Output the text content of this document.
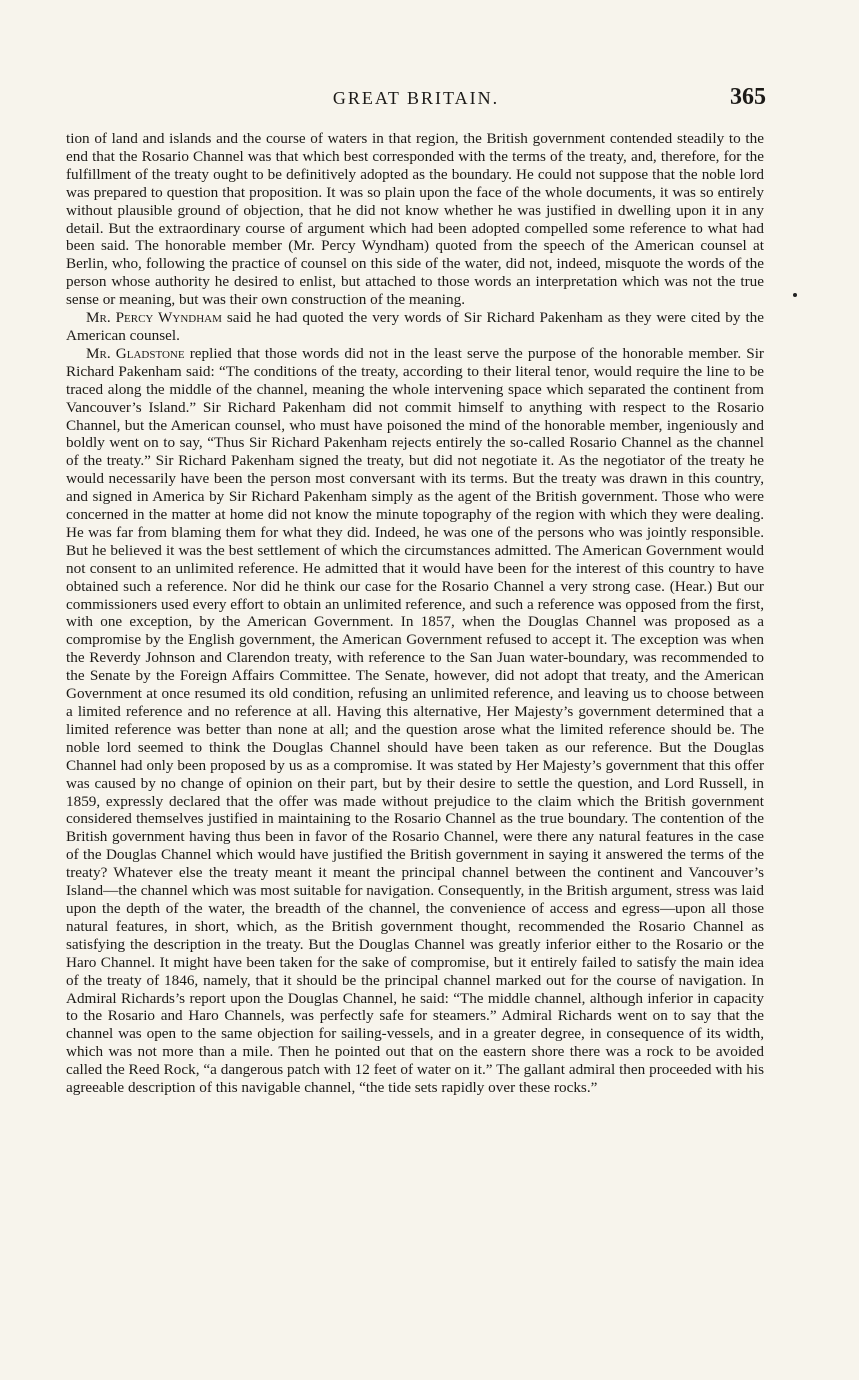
GREAT BRITAIN.	365

tion of land and islands and the course of waters in that region, the British government contended steadily to the end that the Rosario Channel was that which best corresponded with the terms of the treaty, and, therefore, for the fulfillment of the treaty ought to be definitively adopted as the boundary. He could not suppose that the noble lord was prepared to question that proposition. It was so plain upon the face of the whole documents, it was so entirely without plausible ground of objection, that he did not know whether he was justified in dwelling upon it in any detail. But the extraordinary course of argument which had been adopted compelled some reference to what had been said. The honorable member (Mr. Percy Wyndham) quoted from the speech of the American counsel at Berlin, who, following the practice of counsel on this side of the water, did not, indeed, misquote the words of the person whose authority he desired to enlist, but attached to those words an interpretation which was not the true sense or meaning, but was their own construction of the meaning.

Mr. Percy Wyndham said he had quoted the very words of Sir Richard Pakenham as they were cited by the American counsel.

Mr. Gladstone replied that those words did not in the least serve the purpose of the honorable member. Sir Richard Pakenham said: “The conditions of the treaty, according to their literal tenor, would require the line to be traced along the middle of the channel, meaning the whole intervening space which separated the continent from Vancouver’s Island.” Sir Richard Pakenham did not commit himself to anything with respect to the Rosario Channel, but the American counsel, who must have poisoned the mind of the honorable member, ingeniously and boldly went on to say, “Thus Sir Richard Pakenham rejects entirely the so-called Rosario Channel as the channel of the treaty.” Sir Richard Pakenham signed the treaty, but did not negotiate it. As the negotiator of the treaty he would necessarily have been the person most conversant with its terms. But the treaty was drawn in this country, and signed in America by Sir Richard Pakenham simply as the agent of the British government. Those who were concerned in the matter at home did not know the minute topography of the region with which they were dealing. He was far from blaming them for what they did. Indeed, he was one of the persons who was jointly responsible. But he believed it was the best settlement of which the circumstances admitted. The American Government would not consent to an unlimited reference. He admitted that it would have been for the interest of this country to have obtained such a reference. Nor did he think our case for the Rosario Channel a very strong case. (Hear.) But our commissioners used every effort to obtain an unlimited reference, and such a reference was opposed from the first, with one exception, by the American Government. In 1857, when the Douglas Channel was proposed as a compromise by the English government, the American Government refused to accept it. The exception was when the Reverdy Johnson and Clarendon treaty, with reference to the San Juan water-boundary, was recommended to the Senate by the Foreign Affairs Committee. The Senate, however, did not adopt that treaty, and the American Government at once resumed its old condition, refusing an unlimited reference, and leaving us to choose between a limited reference and no reference at all. Having this alternative, Her Majesty’s government determined that a limited reference was better than none at all; and the question arose what the limited reference should be. The noble lord seemed to think the Douglas Channel should have been taken as our reference. But the Douglas Channel had only been proposed by us as a compromise. It was stated by Her Majesty’s government that this offer was caused by no change of opinion on their part, but by their desire to settle the question, and Lord Russell, in 1859, expressly declared that the offer was made without prejudice to the claim which the British government considered themselves justified in maintaining to the Rosario Channel as the true boundary. The contention of the British government having thus been in favor of the Rosario Channel, were there any natural features in the case of the Douglas Channel which would have justified the British government in saying it answered the terms of the treaty? Whatever else the treaty meant it meant the principal channel between the continent and Vancouver’s Island—the channel which was most suitable for navigation. Consequently, in the British argument, stress was laid upon the depth of the water, the breadth of the channel, the convenience of access and egress—upon all those natural features, in short, which, as the British government thought, recommended the Rosario Channel as satisfying the description in the treaty. But the Douglas Channel was greatly inferior either to the Rosario or the Haro Channel. It might have been taken for the sake of compromise, but it entirely failed to satisfy the main idea of the treaty of 1846, namely, that it should be the principal channel marked out for the course of navigation. In Admiral Richards’s report upon the Douglas Channel, he said: “The middle channel, although inferior in capacity to the Rosario and Haro Channels, was perfectly safe for steamers.” Admiral Richards went on to say that the channel was open to the same objection for sailing-vessels, and in a greater degree, in consequence of its width, which was not more than a mile. Then he pointed out that on the eastern shore there was a rock to be avoided called the Reed Rock, “a dangerous patch with 12 feet of water on it.” The gallant admiral then proceeded with his agreeable description of this navigable channel, “the tide sets rapidly over these rocks.”
